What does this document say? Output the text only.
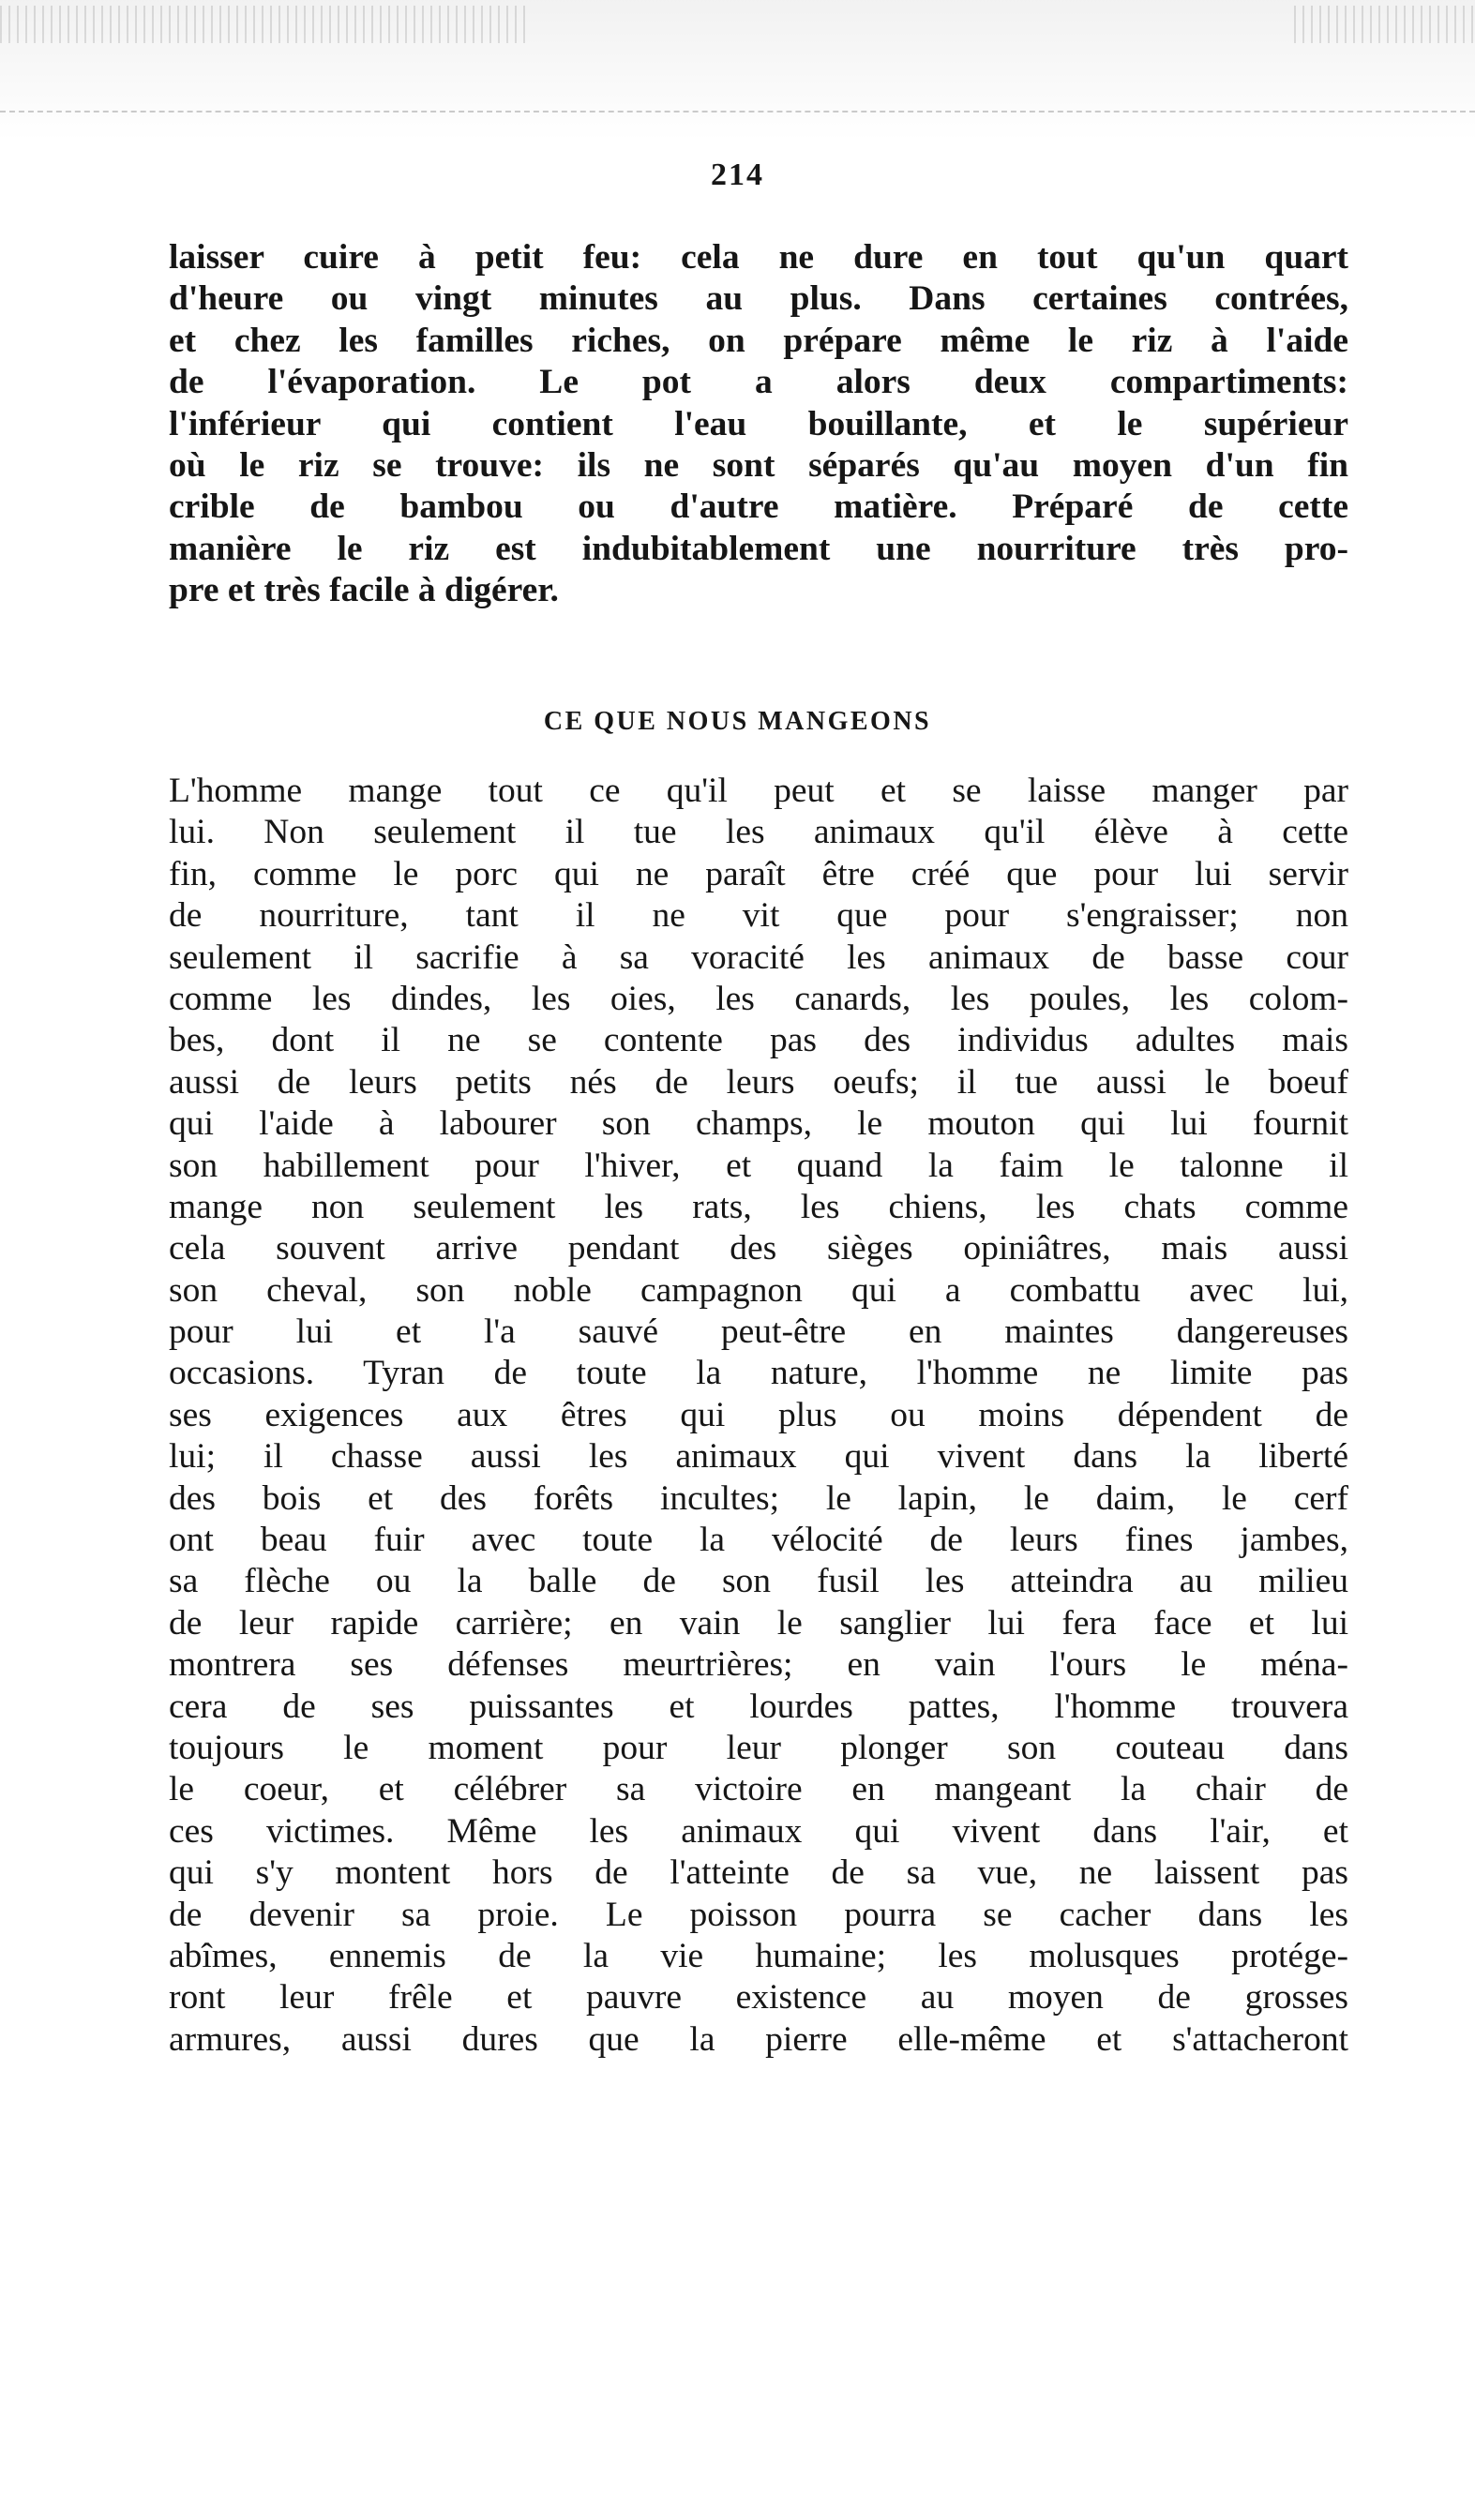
214
laisser cuire à petit feu: cela ne dure en tout qu'un quart
d'heure ou vingt minutes au plus. Dans certaines contrées,
et chez les familles riches, on prépare même le riz à l'aide
de l'évaporation. Le pot a alors deux compartiments:
l'inférieur qui contient l'eau bouillante, et le supérieur
où le riz se trouve: ils ne sont séparés qu'au moyen d'un fin
crible de bambou ou d'autre matière. Préparé de cette
manière le riz est indubitablement une nourriture très pro-
pre et très facile à digérer.
CE QUE NOUS MANGEONS
L'homme mange tout ce qu'il peut et se laisse manger par
lui. Non seulement il tue les animaux qu'il élève à cette
fin, comme le porc qui ne paraît être créé que pour lui servir
de nourriture, tant il ne vit que pour s'engraisser; non
seulement il sacrifie à sa voracité les animaux de basse cour
comme les dindes, les oies, les canards, les poules, les colom-
bes, dont il ne se contente pas des individus adultes mais
aussi de leurs petits nés de leurs oeufs; il tue aussi le boeuf
qui l'aide à labourer son champs, le mouton qui lui fournit
son habillement pour l'hiver, et quand la faim le talonne il
mange non seulement les rats, les chiens, les chats comme
cela souvent arrive pendant des sièges opiniâtres, mais aussi
son cheval, son noble campagnon qui a combattu avec lui,
pour lui et l'a sauvé peut-être en maintes dangereuses
occasions. Tyran de toute la nature, l'homme ne limite pas
ses exigences aux êtres qui plus ou moins dépendent de
lui; il chasse aussi les animaux qui vivent dans la liberté
des bois et des forêts incultes; le lapin, le daim, le cerf
ont beau fuir avec toute la vélocité de leurs fines jambes,
sa flèche ou la balle de son fusil les atteindra au milieu
de leur rapide carrière; en vain le sanglier lui fera face et lui
montrera ses défenses meurtrières; en vain l'ours le ména-
cera de ses puissantes et lourdes pattes, l'homme trouvera
toujours le moment pour leur plonger son couteau dans
le coeur, et célébrer sa victoire en mangeant la chair de
ces victimes. Même les animaux qui vivent dans l'air, et
qui s'y montent hors de l'atteinte de sa vue, ne laissent pas
de devenir sa proie. Le poisson pourra se cacher dans les
abîmes, ennemis de la vie humaine; les molusques protége-
ront leur frêle et pauvre existence au moyen de grosses
armures, aussi dures que la pierre elle-même et s'attacheront
